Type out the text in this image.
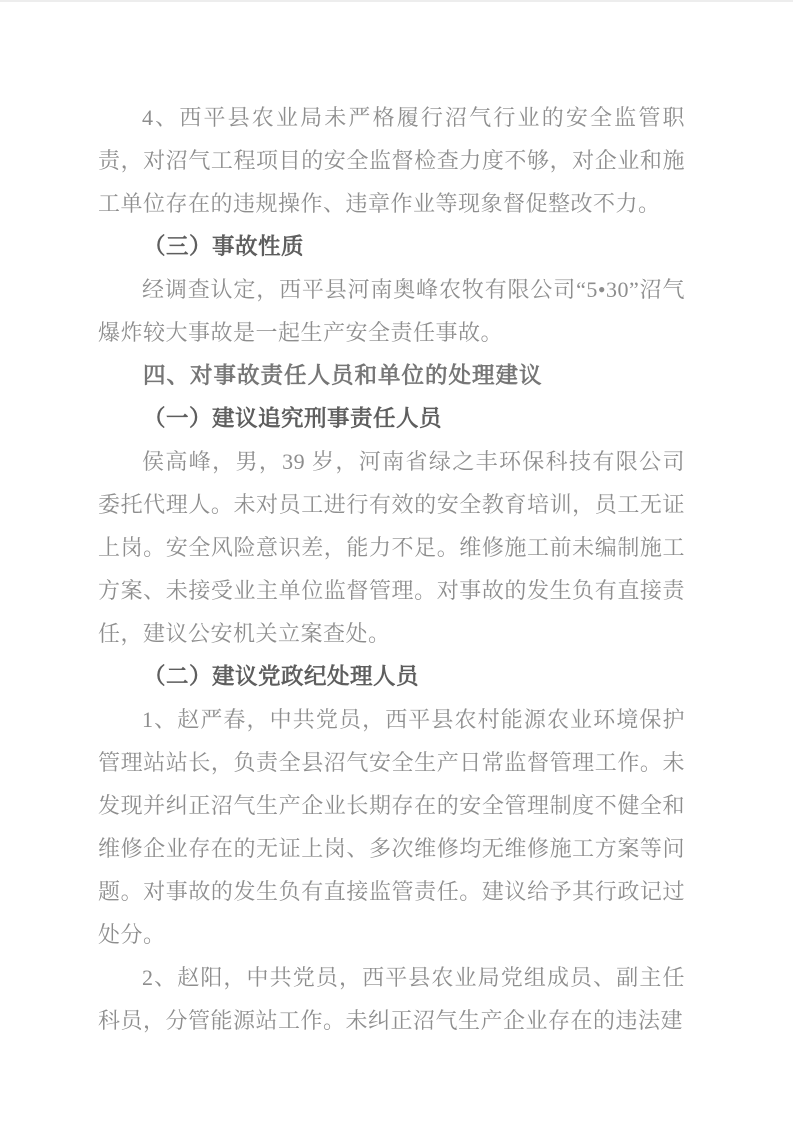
4、西平县农业局未严格履行沼气行业的安全监管职责，对沼气工程项目的安全监督检查力度不够，对企业和施工单位存在的违规操作、违章作业等现象督促整改不力。

（三）事故性质

经调查认定，西平县河南奥峰农牧有限公司“5•30”沼气爆炸较大事故是一起生产安全责任事故。

四、对事故责任人员和单位的处理建议
（一）建议追究刑事责任人员

侯高峰，男，39 岁，河南省绿之丰环保科技有限公司委托代理人。未对员工进行有效的安全教育培训，员工无证上岗。安全风险意识差，能力不足。维修施工前未编制施工方案、未接受业主单位监督管理。对事故的发生负有直接责任，建议公安机关立案查处。

（二）建议党政纪处理人员

1、赵严春，中共党员，西平县农村能源农业环境保护管理站站长，负责全县沼气安全生产日常监督管理工作。未发现并纠正沼气生产企业长期存在的安全管理制度不健全和维修企业存在的无证上岗、多次维修均无维修施工方案等问题。对事故的发生负有直接监管责任。建议给予其行政记过处分。

2、赵阳，中共党员，西平县农业局党组成员、副主任科员，分管能源站工作。未纠正沼气生产企业存在的违法建
